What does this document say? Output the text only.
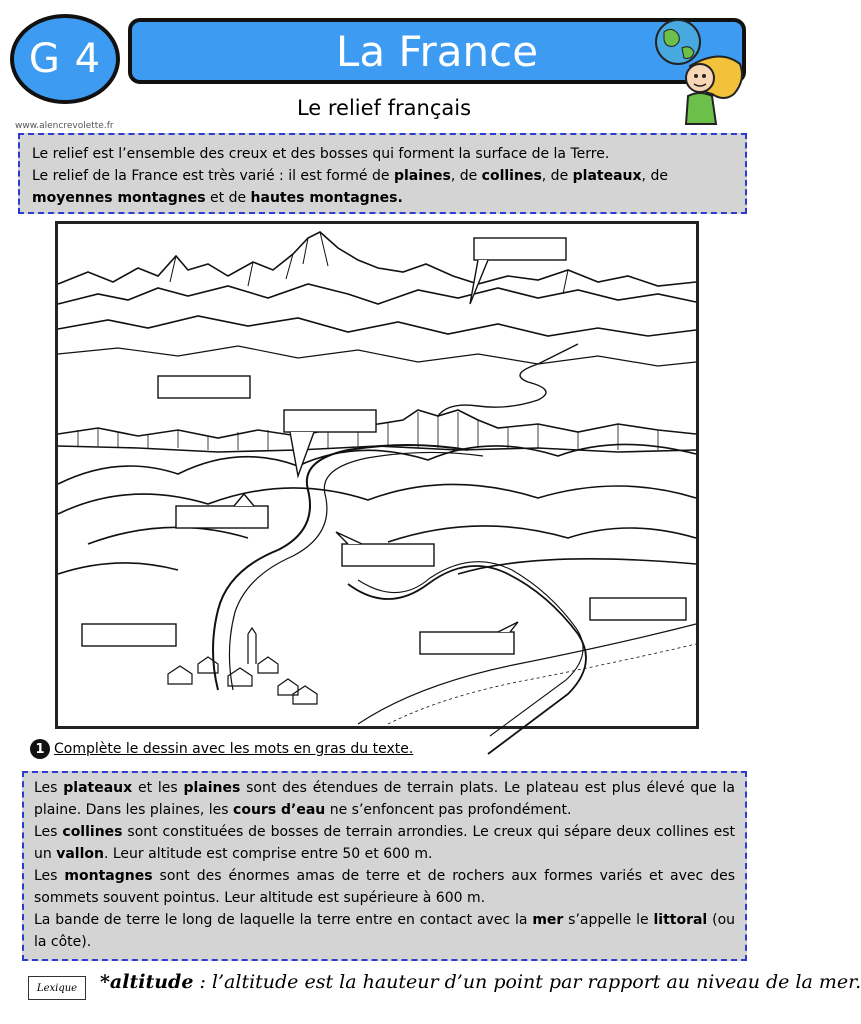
G 4	La France
Le relief français
www.alencrevolette.fr
Le relief est l’ensemble des creux et des bosses qui forment la surface de la Terre.
Le relief de la France est très varié : il est formé de plaines, de collines, de plateaux, de moyennes montagnes et de hautes montagnes.
1 Complète le dessin avec les mots en gras du texte.
Les plateaux et les plaines sont des étendues de terrain plats. Le plateau est plus élevé que la plaine. Dans les plaines, les cours d’eau ne s’enfoncent pas profondément.
Les collines sont constituées de bosses de terrain arrondies. Le creux qui sépare deux collines est un vallon. Leur altitude est comprise entre 50 et 600 m.
Les montagnes sont des énormes amas de terre et de rochers aux formes variés et avec des sommets souvent pointus. Leur altitude est supérieure à 600 m.
La bande de terre le long de laquelle la terre entre en contact avec la mer s’appelle le littoral (ou la côte).
Lexique	*altitude : l’altitude est la hauteur d’un point par rapport au niveau de la mer.
